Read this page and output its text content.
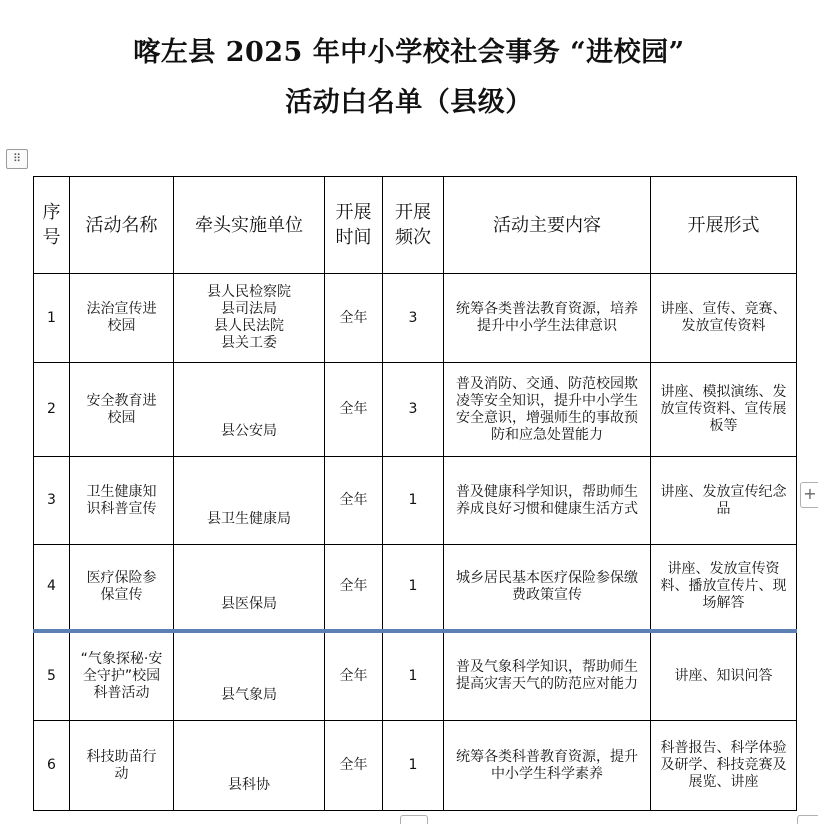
喀左县 2025 年中小学校社会事务 “进校园”
活动白名单（县级）
⠿
+
序号	活动名称	牵头实施单位	开展时间	开展频次	活动主要内容	开展形式
1	法治宣传进校园	县人民检察院
县司法局
县人民法院
县关工委	全年	3	统筹各类普法教育资源，培养提升中小学生法律意识	讲座、宣传、竞赛、发放宣传资料
2	安全教育进校园	县公安局	全年	3	普及消防、交通、防范校园欺凌等安全知识，提升中小学生安全意识，增强师生的事故预防和应急处置能力	讲座、模拟演练、发放宣传资料、宣传展板等
3	卫生健康知识科普宣传	县卫生健康局	全年	1	普及健康科学知识，帮助师生养成良好习惯和健康生活方式	讲座、发放宣传纪念品
4	医疗保险参保宣传	县医保局	全年	1	城乡居民基本医疗保险参保缴费政策宣传	讲座、发放宣传资料、播放宣传片、现场解答
5	“气象探秘·安全守护”校园科普活动	县气象局	全年	1	普及气象科学知识，帮助师生提高灾害天气的防范应对能力	讲座、知识问答
6	科技助苗行动	县科协	全年	1	统筹各类科普教育资源，提升中小学生科学素养	科普报告、科学体验及研学、科技竞赛及展览、讲座
